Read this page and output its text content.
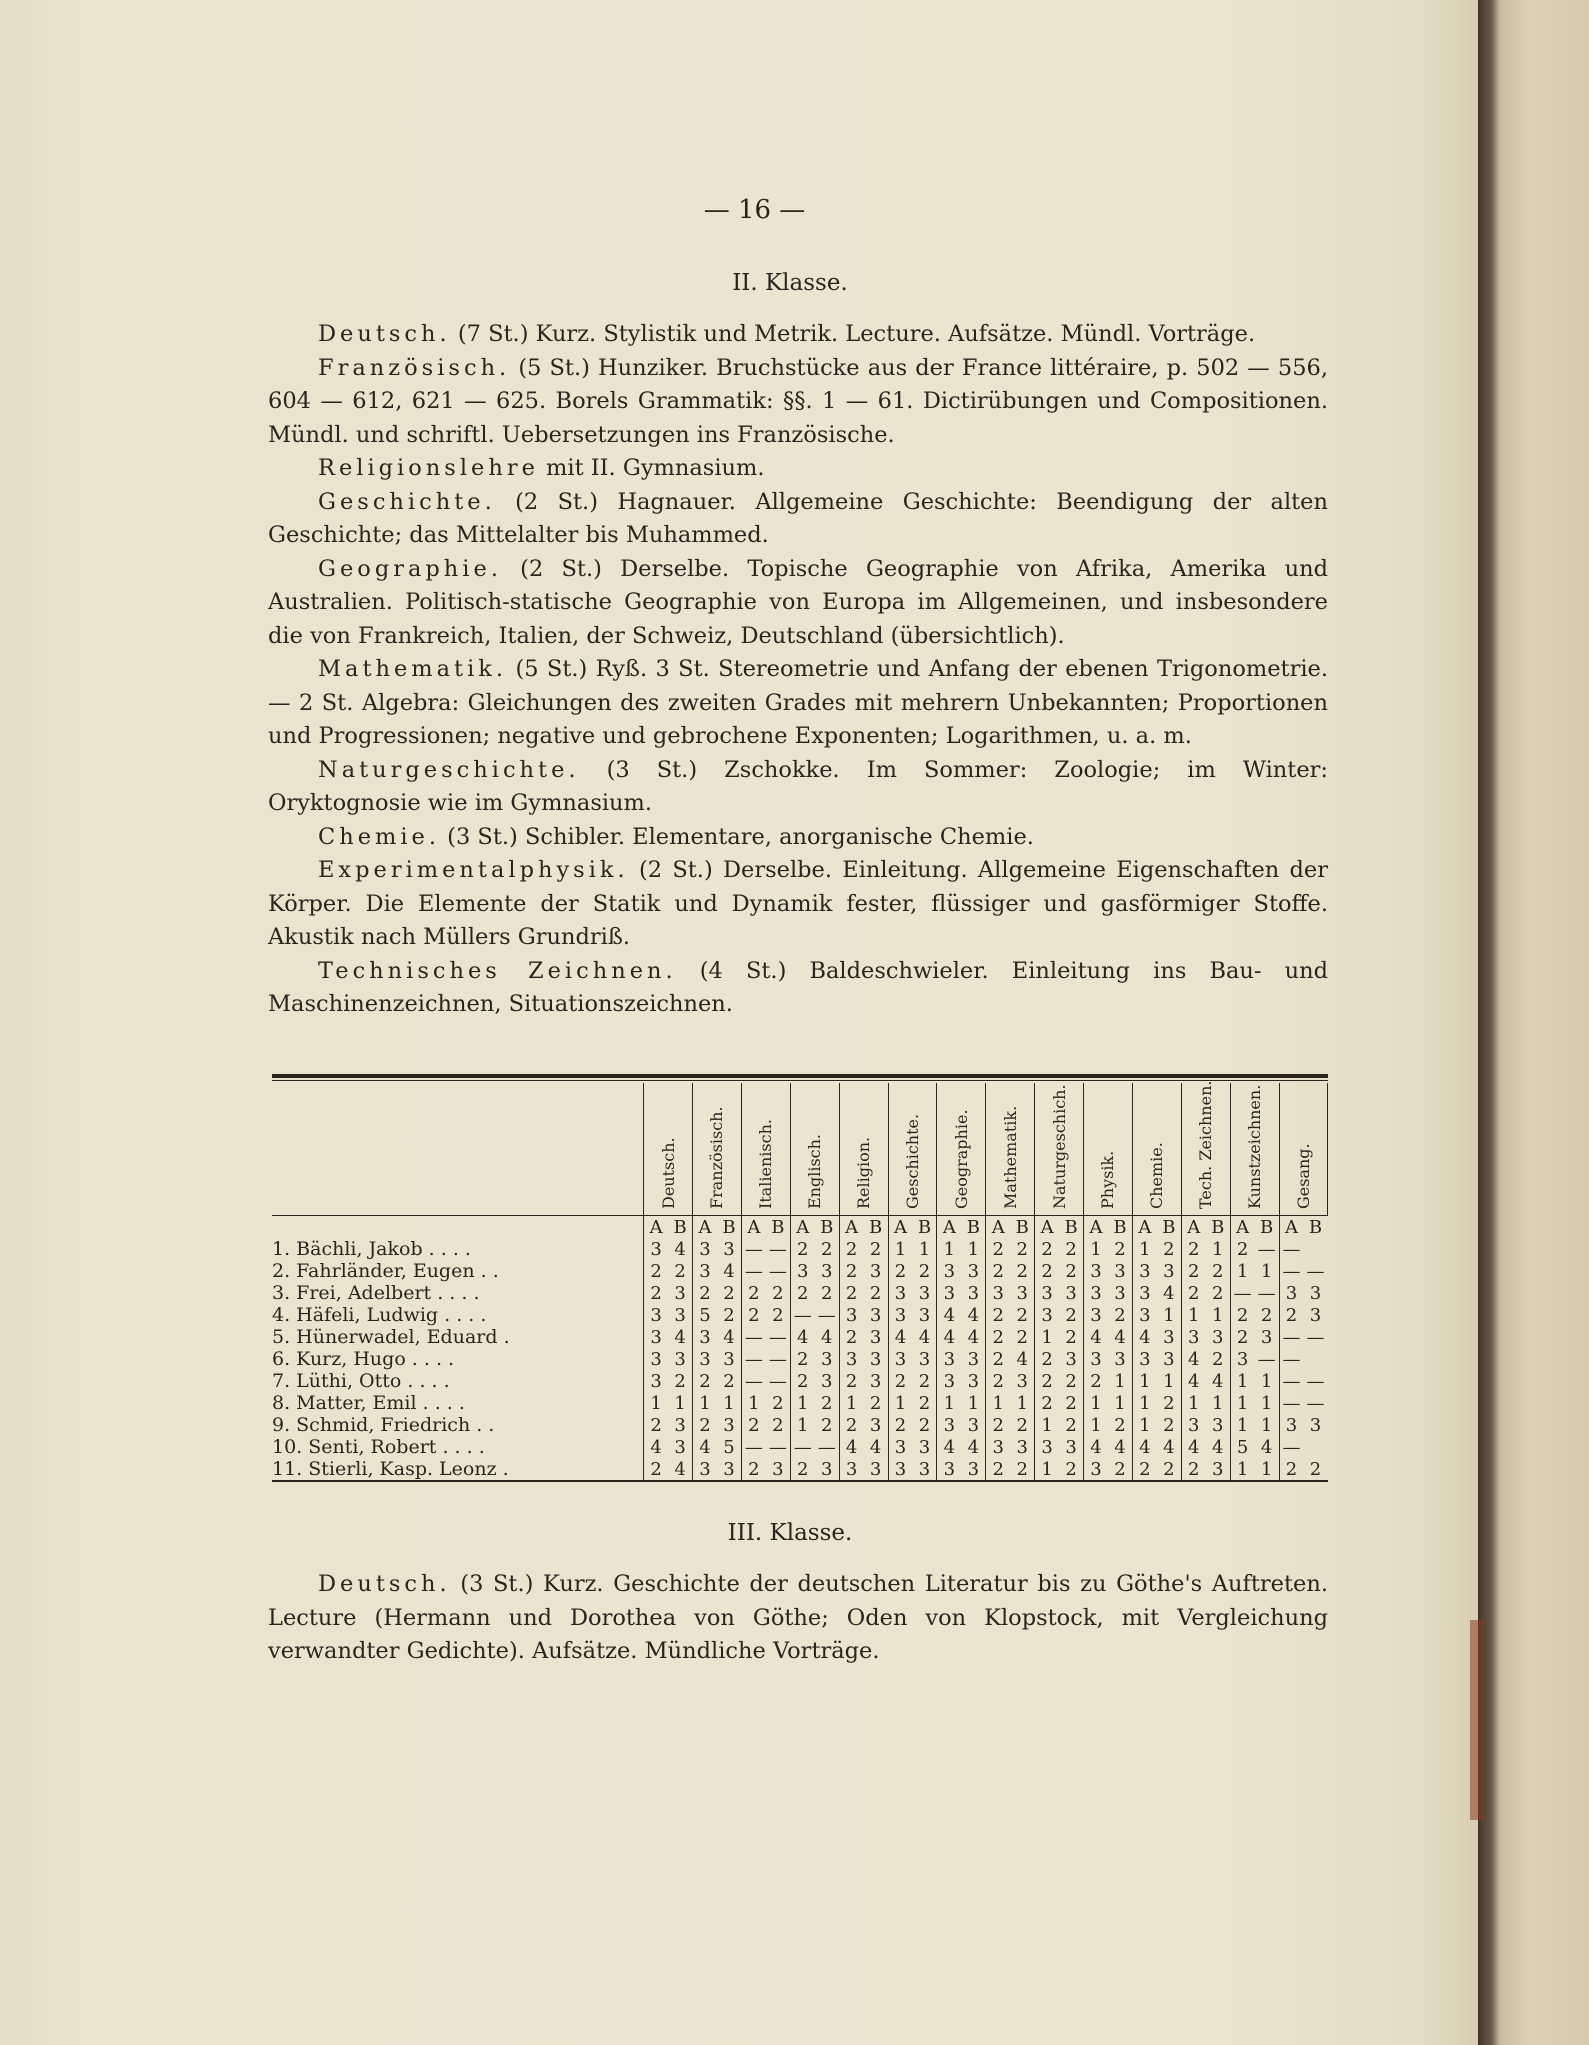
— 16 —
II. Klasse.

Deutsch. (7 St.) Kurz. Stylistik und Metrik. Lecture. Aufsätze. Mündl. Vorträge.

Französisch. (5 St.) Hunziker. Bruchstücke aus der France littéraire, p. 502 — 556, 604 — 612, 621 — 625. Borels Grammatik: §§. 1 — 61. Dictirübungen und Compositionen. Mündl. und schriftl. Uebersetzungen ins Französische.

Religionslehre mit II. Gymnasium.

Geschichte. (2 St.) Hagnauer. Allgemeine Geschichte: Beendigung der alten Geschichte; das Mittelalter bis Muhammed.

Geographie. (2 St.) Derselbe. Topische Geographie von Afrika, Amerika und Australien. Politisch-statische Geographie von Europa im Allgemeinen, und insbesondere die von Frankreich, Italien, der Schweiz, Deutschland (übersichtlich).

Mathematik. (5 St.) Ryß. 3 St. Stereometrie und Anfang der ebenen Trigonometrie. — 2 St. Algebra: Gleichungen des zweiten Grades mit mehrern Unbekannten; Proportionen und Progressionen; negative und gebrochene Exponenten; Logarithmen, u. a. m.

Naturgeschichte. (3 St.) Zschokke. Im Sommer: Zoologie; im Winter: Oryktognosie wie im Gymnasium.

Chemie. (3 St.) Schibler. Elementare, anorganische Chemie.

Experimentalphysik. (2 St.) Derselbe. Einleitung. Allgemeine Eigenschaften der Körper. Die Elemente der Statik und Dynamik fester, flüssiger und gasförmiger Stoffe. Akustik nach Müllers Grundriß.

Technisches Zeichnen. (4 St.) Baldeschwieler. Einleitung ins Bau- und Maschinenzeichnen, Situationszeichnen.

	Deutsch.		Französisch.		Italienisch.		Englisch.		Religion.		Geschichte.		Geographie.		Mathematik.		Naturgeschich.		Physik.		Chemie.		Tech. Zeichnen.		Kunstzeichnen.		Gesang.	

	A	B	A	B	A	B	A	B	A	B	A	B	A	B	A	B	A	B	A	B	A	B	A	B	A	B	A	B
1. Bächli, Jakob . . . .	3	4	3	3	—	—	2	2	2	2	1	1	1	1	2	2	2	2	1	2	1	2	2	1	2	—	—	
2. Fahrländer, Eugen . .	2	2	3	4	—	—	3	3	2	3	2	2	3	3	2	2	2	2	3	3	3	3	2	2	1	1	—	—
3. Frei, Adelbert . . . .	2	3	2	2	2	2	2	2	2	2	3	3	3	3	3	3	3	3	3	3	3	4	2	2	—	—	3	3
4. Häfeli, Ludwig . . . .	3	3	5	2	2	2	—	—	3	3	3	3	4	4	2	2	3	2	3	2	3	1	1	1	2	2	2	3
5. Hünerwadel, Eduard .	3	4	3	4	—	—	4	4	2	3	4	4	4	4	2	2	1	2	4	4	4	3	3	3	2	3	—	—
6. Kurz, Hugo . . . .	3	3	3	3	—	—	2	3	3	3	3	3	3	3	2	4	2	3	3	3	3	3	4	2	3	—	—	
7. Lüthi, Otto . . . .	3	2	2	2	—	—	2	3	2	3	2	2	3	3	2	3	2	2	2	1	1	1	4	4	1	1	—	—
8. Matter, Emil . . . .	1	1	1	1	1	2	1	2	1	2	1	2	1	1	1	1	2	2	1	1	1	2	1	1	1	1	—	—
9. Schmid, Friedrich . .	2	3	2	3	2	2	1	2	2	3	2	2	3	3	2	2	1	2	1	2	1	2	3	3	1	1	3	3
10. Senti, Robert . . . .	4	3	4	5	—	—	—	—	4	4	3	3	4	4	3	3	3	3	4	4	4	4	4	4	5	4	—	
11. Stierli, Kasp. Leonz .	2	4	3	3	2	3	2	3	3	3	3	3	3	3	2	2	1	2	3	2	2	2	2	3	1	1	2	2
III. Klasse.

Deutsch. (3 St.) Kurz. Geschichte der deutschen Literatur bis zu Göthe's Auftreten. Lecture (Hermann und Dorothea von Göthe; Oden von Klopstock, mit Vergleichung verwandter Gedichte). Aufsätze. Mündliche Vorträge.
